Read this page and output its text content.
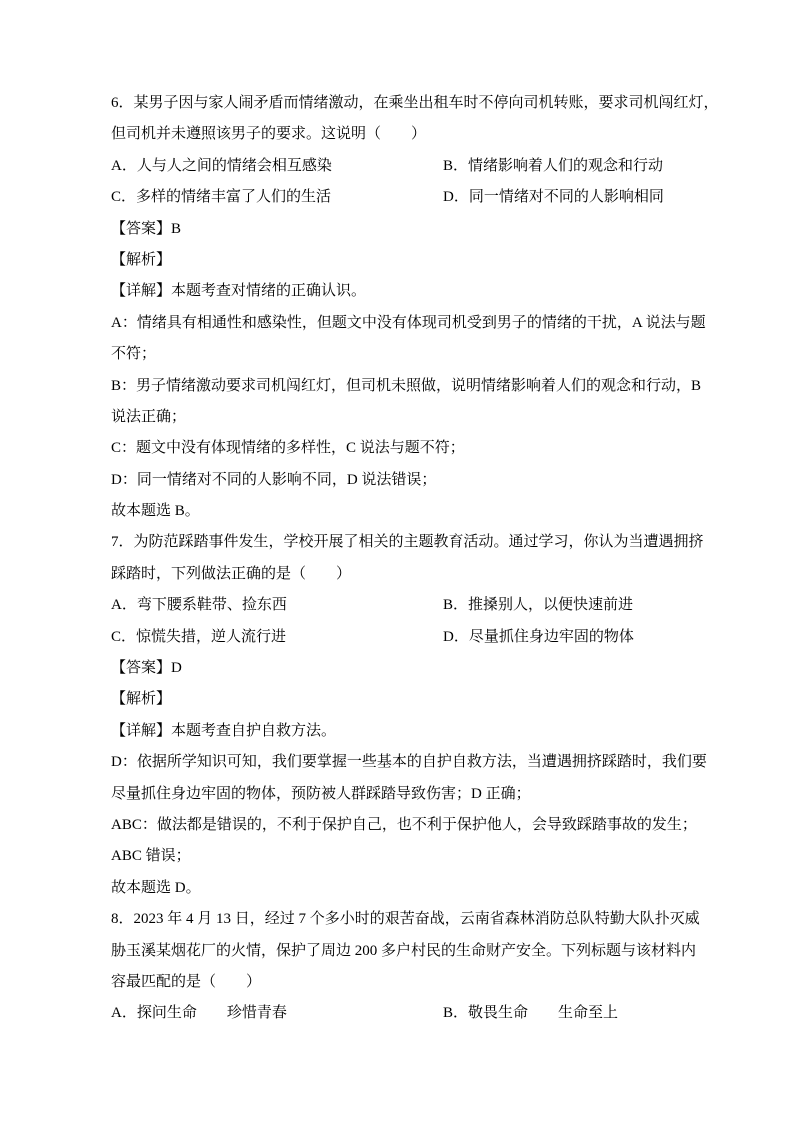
6．某男子因与家人闹矛盾而情绪激动，在乘坐出租车时不停向司机转账，要求司机闯红灯，
但司机并未遵照该男子的要求。这说明（　　）
A．人与人之间的情绪会相互感染	B．情绪影响着人们的观念和行动
C．多样的情绪丰富了人们的生活	D．同一情绪对不同的人影响相同
【答案】B
【解析】
【详解】本题考查对情绪的正确认识。
A：情绪具有相通性和感染性，但题文中没有体现司机受到男子的情绪的干扰，A 说法与题
不符；
B：男子情绪激动要求司机闯红灯，但司机未照做，说明情绪影响着人们的观念和行动，B
说法正确；
C：题文中没有体现情绪的多样性，C 说法与题不符；
D：同一情绪对不同的人影响不同，D 说法错误；
故本题选 B。
7．为防范踩踏事件发生，学校开展了相关的主题教育活动。通过学习，你认为当遭遇拥挤
踩踏时，下列做法正确的是（　　）
A．弯下腰系鞋带、捡东西	B．推搡别人，以便快速前进
C．惊慌失措，逆人流行进	D．尽量抓住身边牢固的物体
【答案】D
【解析】
【详解】本题考查自护自救方法。
D：依据所学知识可知，我们要掌握一些基本的自护自救方法，当遭遇拥挤踩踏时，我们要
尽量抓住身边牢固的物体，预防被人群踩踏导致伤害；D 正确；
ABC：做法都是错误的，不利于保护自己，也不利于保护他人，会导致踩踏事故的发生；
ABC 错误；
故本题选 D。
8．2023 年 4 月 13 日，经过 7 个多小时的艰苦奋战，云南省森林消防总队特勤大队扑灭威
胁玉溪某烟花厂的火情，保护了周边 200 多户村民的生命财产安全。下列标题与该材料内
容最匹配的是（　　）
A．探问生命　　珍惜青春	B．敬畏生命　　生命至上
